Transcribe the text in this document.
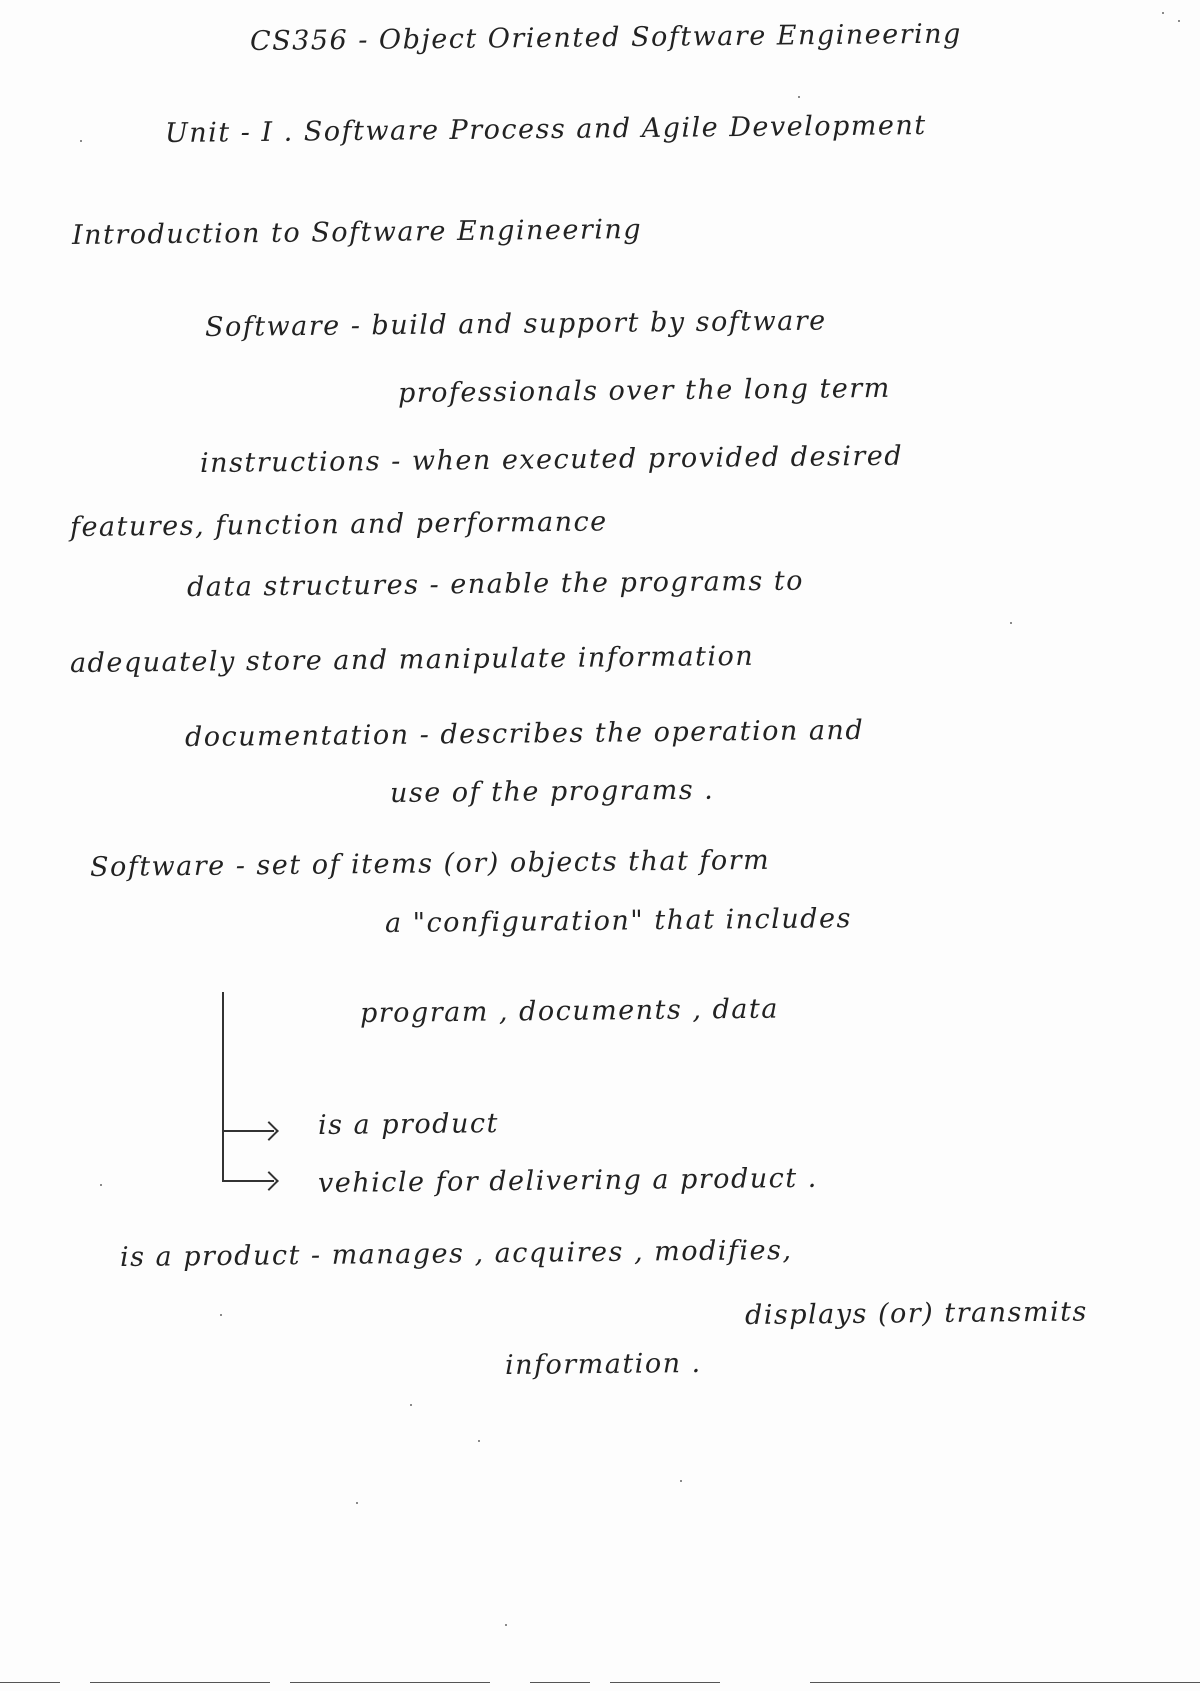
CS356 - Object Oriented Software Engineering
Unit - I . Software Process and Agile Development
Introduction to Software Engineering
Software - build and support by software
professionals over the long term
instructions - when executed provided desired
features, function and performance
data structures - enable the programs to
adequately store and manipulate information
documentation - describes the operation and
use of the programs .
Software - set of items (or) objects that form
a "configuration" that includes
program , documents , data
is a product
vehicle for delivering a product .
is a product - manages , acquires , modifies,
displays (or) transmits
information .
